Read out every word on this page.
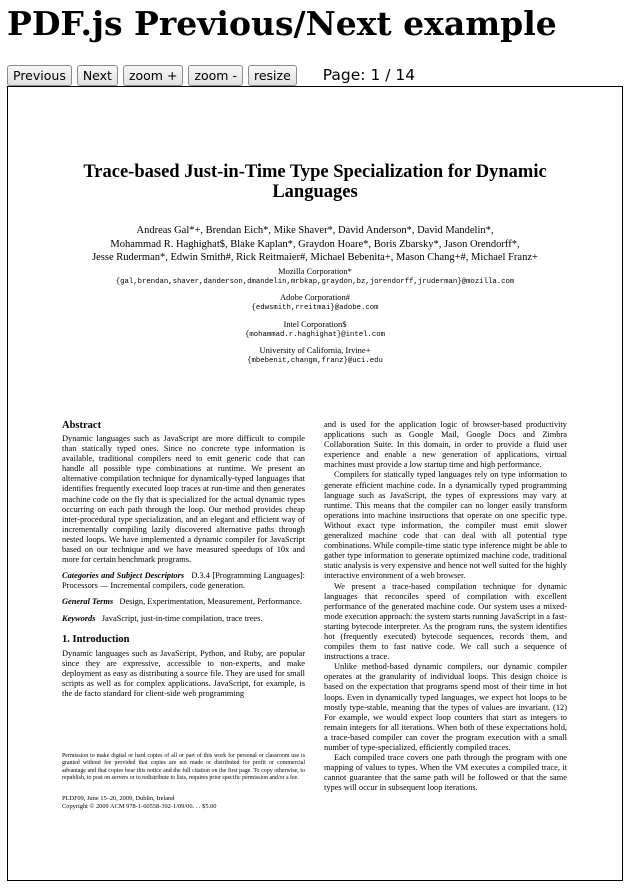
PDF.js Previous/Next example
Previous	Next	zoom +	zoom -	resize	Page: 1 / 14
Trace-based Just-in-Time Type Specialization for Dynamic Languages
Andreas Gal*+, Brendan Eich*, Mike Shaver*, David Anderson*, David Mandelin*,
Mohammad R. Haghighat$, Blake Kaplan*, Graydon Hoare*, Boris Zbarsky*, Jason Orendorff*,
Jesse Ruderman*, Edwin Smith#, Rick Reitmaier#, Michael Bebenita+, Mason Chang+#, Michael Franz+
Mozilla Corporation*
{gal,brendan,shaver,danderson,dmandelin,mrbkap,graydon,bz,jorendorff,jruderman}@mozilla.com
Adobe Corporation#
{edwsmith,rreitmai}@adobe.com
Intel Corporation$
{mohammad.r.haghighat}@intel.com
University of California, Irvine+
{mbebenit,changm,franz}@uci.edu
Abstract

Dynamic languages such as JavaScript are more difficult to compile than statically typed ones. Since no concrete type information is available, traditional compilers need to emit generic code that can handle all possible type combinations at runtime. We present an alternative compilation technique for dynamically-typed languages that identifies frequently executed loop traces at run-time and then generates machine code on the fly that is specialized for the actual dynamic types occurring on each path through the loop. Our method provides cheap inter-procedural type specialization, and an elegant and efficient way of incrementally compiling lazily discovered alternative paths through nested loops. We have implemented a dynamic compiler for JavaScript based on our technique and we have measured speedups of 10x and more for certain benchmark programs.

Categories and Subject Descriptors D.3.4 [Programming Languages]: Processors — Incremental compilers, code generation.

General Terms Design, Experimentation, Measurement, Performance.

Keywords JavaScript, just-in-time compilation, trace trees.

1. Introduction

Dynamic languages such as JavaScript, Python, and Ruby, are popular since they are expressive, accessible to non-experts, and make deployment as easy as distributing a source file. They are used for small scripts as well as for complex applications. JavaScript, for example, is the de facto standard for client-side web programming

Permission to make digital or hard copies of all or part of this work for personal or classroom use is granted without fee provided that copies are not made or distributed for profit or commercial advantage and that copies bear this notice and the full citation on the first page. To copy otherwise, to republish, to post on servers or to redistribute to lists, requires prior specific permission and/or a fee.

PLDI'09, June 15–20, 2009, Dublin, Ireland
Copyright © 2009 ACM 978-1-60558-392-1/09/06. . . $5.00

and is used for the application logic of browser-based productivity applications such as Google Mail, Google Docs and Zimbra Collaboration Suite. In this domain, in order to provide a fluid user experience and enable a new generation of applications, virtual machines must provide a low startup time and high performance.

Compilers for statically typed languages rely on type information to generate efficient machine code. In a dynamically typed programming language such as JavaScript, the types of expressions may vary at runtime. This means that the compiler can no longer easily transform operations into machine instructions that operate on one specific type. Without exact type information, the compiler must emit slower generalized machine code that can deal with all potential type combinations. While compile-time static type inference might be able to gather type information to generate optimized machine code, traditional static analysis is very expensive and hence not well suited for the highly interactive environment of a web browser.

We present a trace-based compilation technique for dynamic languages that reconciles speed of compilation with excellent performance of the generated machine code. Our system uses a mixed-mode execution approach: the system starts running JavaScript in a fast-starting bytecode interpreter. As the program runs, the system identifies hot (frequently executed) bytecode sequences, records them, and compiles them to fast native code. We call such a sequence of instructions a trace.

Unlike method-based dynamic compilers, our dynamic compiler operates at the granularity of individual loops. This design choice is based on the expectation that programs spend most of their time in hot loops. Even in dynamically typed languages, we expect hot loops to be mostly type-stable, meaning that the types of values are invariant. (12) For example, we would expect loop counters that start as integers to remain integers for all iterations. When both of these expectations hold, a trace-based compiler can cover the program execution with a small number of type-specialized, efficiently compiled traces.

Each compiled trace covers one path through the program with one mapping of values to types. When the VM executes a compiled trace, it cannot guarantee that the same path will be followed or that the same types will occur in subsequent loop iterations.
